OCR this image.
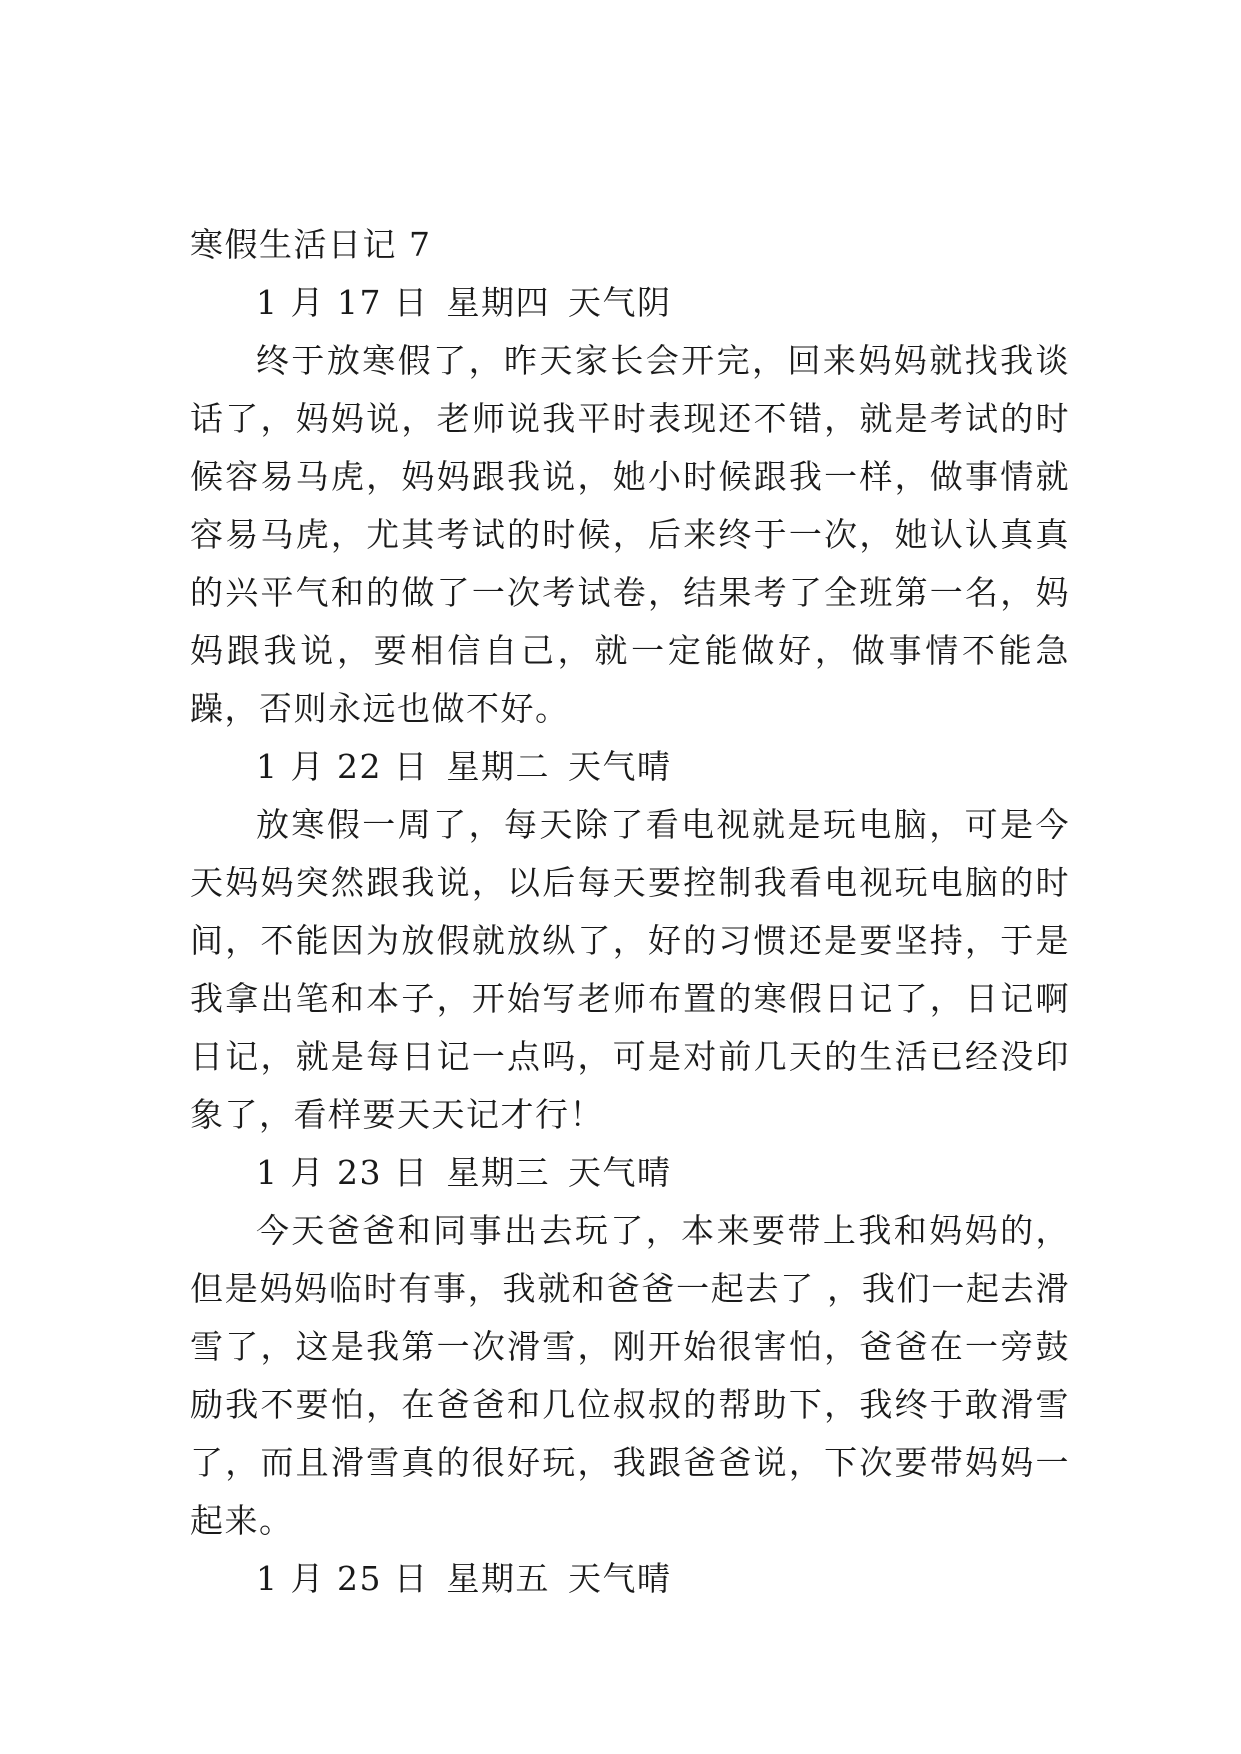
寒假生活日记 7

1 月 17 日 星期四 天气阴

终于放寒假了，昨天家长会开完，回来妈妈就找我谈话了，妈妈说，老师说我平时表现还不错，就是考试的时候容易马虎，妈妈跟我说，她小时候跟我一样，做事情就容易马虎，尤其考试的时候，后来终于一次，她认认真真的兴平气和的做了一次考试卷，结果考了全班第一名，妈妈跟我说，要相信自己，就一定能做好，做事情不能急躁，否则永远也做不好。

1 月 22 日 星期二 天气晴

放寒假一周了，每天除了看电视就是玩电脑，可是今天妈妈突然跟我说，以后每天要控制我看电视玩电脑的时间，不能因为放假就放纵了，好的习惯还是要坚持，于是我拿出笔和本子，开始写老师布置的寒假日记了，日记啊日记，就是每日记一点吗，可是对前几天的生活已经没印象了，看样要天天记才行！

1 月 23 日 星期三 天气晴

今天爸爸和同事出去玩了，本来要带上我和妈妈的，但是妈妈临时有事，我就和爸爸一起去了 ，我们一起去滑雪了，这是我第一次滑雪，刚开始很害怕，爸爸在一旁鼓励我不要怕，在爸爸和几位叔叔的帮助下，我终于敢滑雪了，而且滑雪真的很好玩，我跟爸爸说，下次要带妈妈一起来。

1 月 25 日 星期五 天气晴
